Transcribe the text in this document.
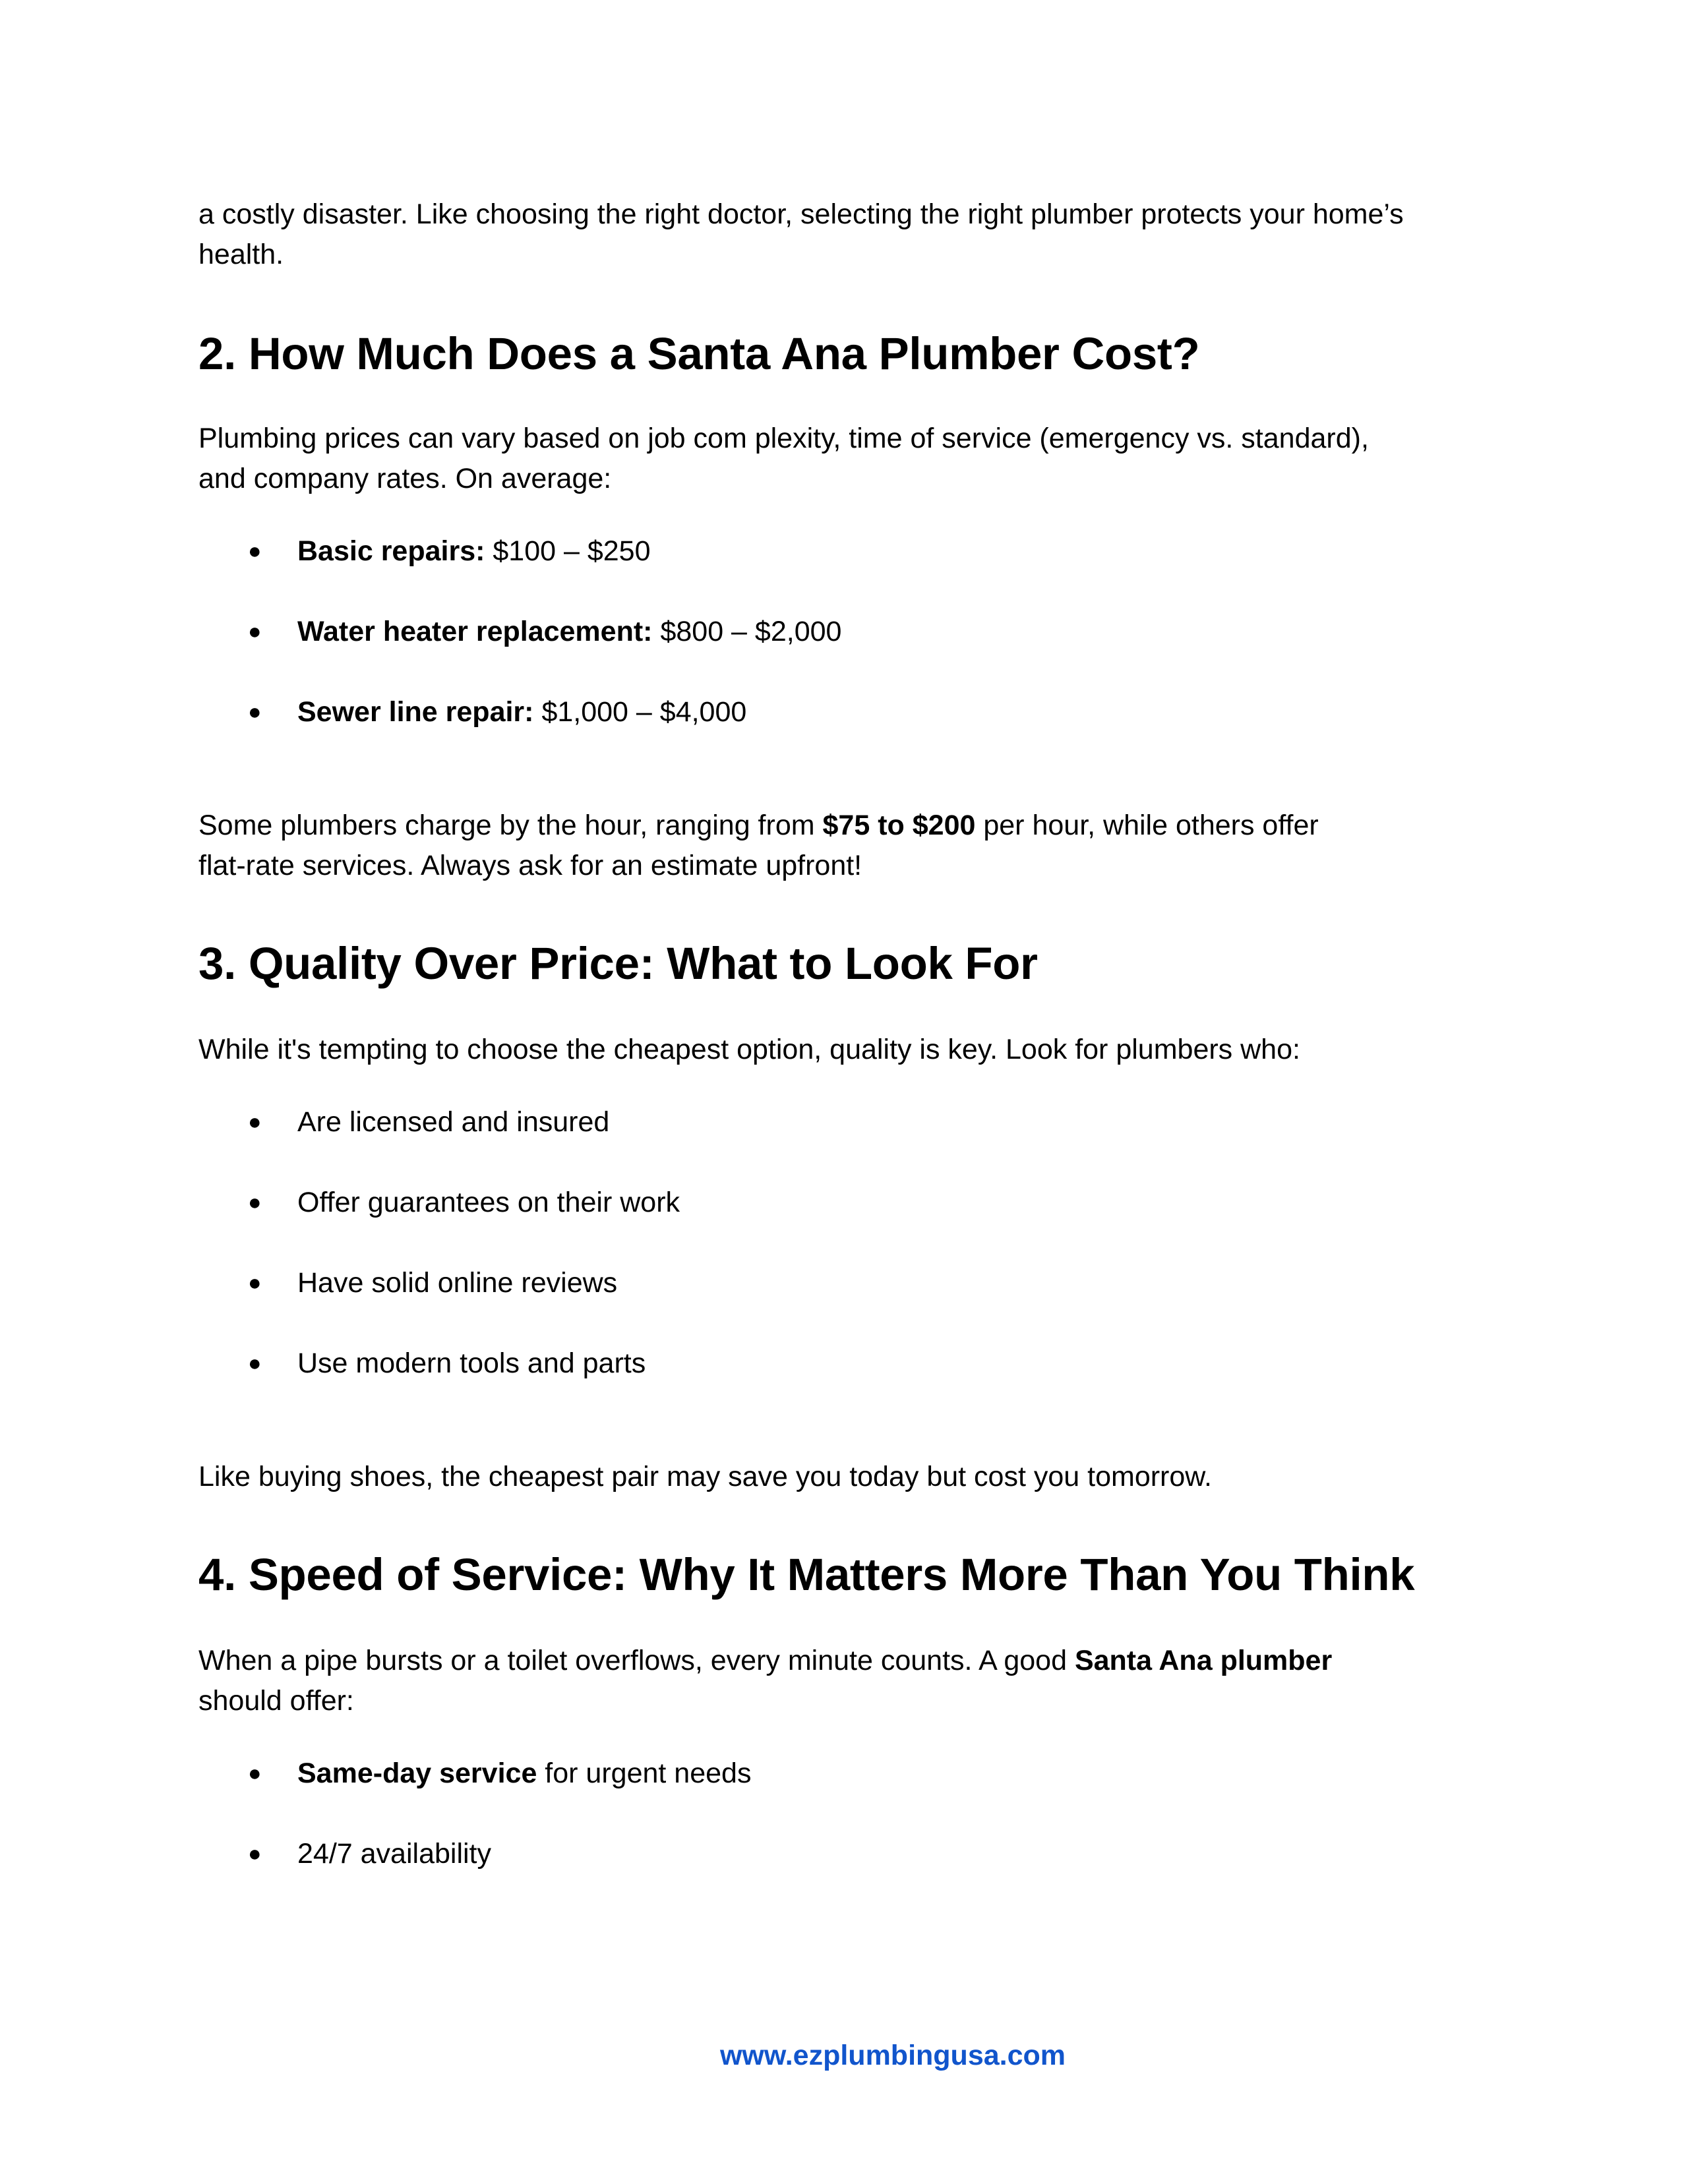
a costly disaster. Like choosing the right doctor, selecting the right plumber protects your home’s

health.

2. How Much Does a Santa Ana Plumber Cost?

Plumbing prices can vary based on job com plexity, time of service (emergency vs. standard),

and company rates. On average:

● Basic repairs: $100 – $250
● Water heater replacement: $800 – $2,000
● Sewer line repair: $1,000 – $4,000

Some plumbers charge by the hour, ranging from $75 to $200 per hour, while others offer

flat-rate services. Always ask for an estimate upfront!

3. Quality Over Price: What to Look For

While it's tempting to choose the cheapest option, quality is key. Look for plumbers who:

● Are licensed and insured
● Offer guarantees on their work
● Have solid online reviews
● Use modern tools and parts

Like buying shoes, the cheapest pair may save you today but cost you tomorrow.

4. Speed of Service: Why It Matters More Than You Think

When a pipe bursts or a toilet overflows, every minute counts. A good Santa Ana plumber

should offer:

● Same-day service for urgent needs
● 24/7 availability
www.ezplumbingusa.com
